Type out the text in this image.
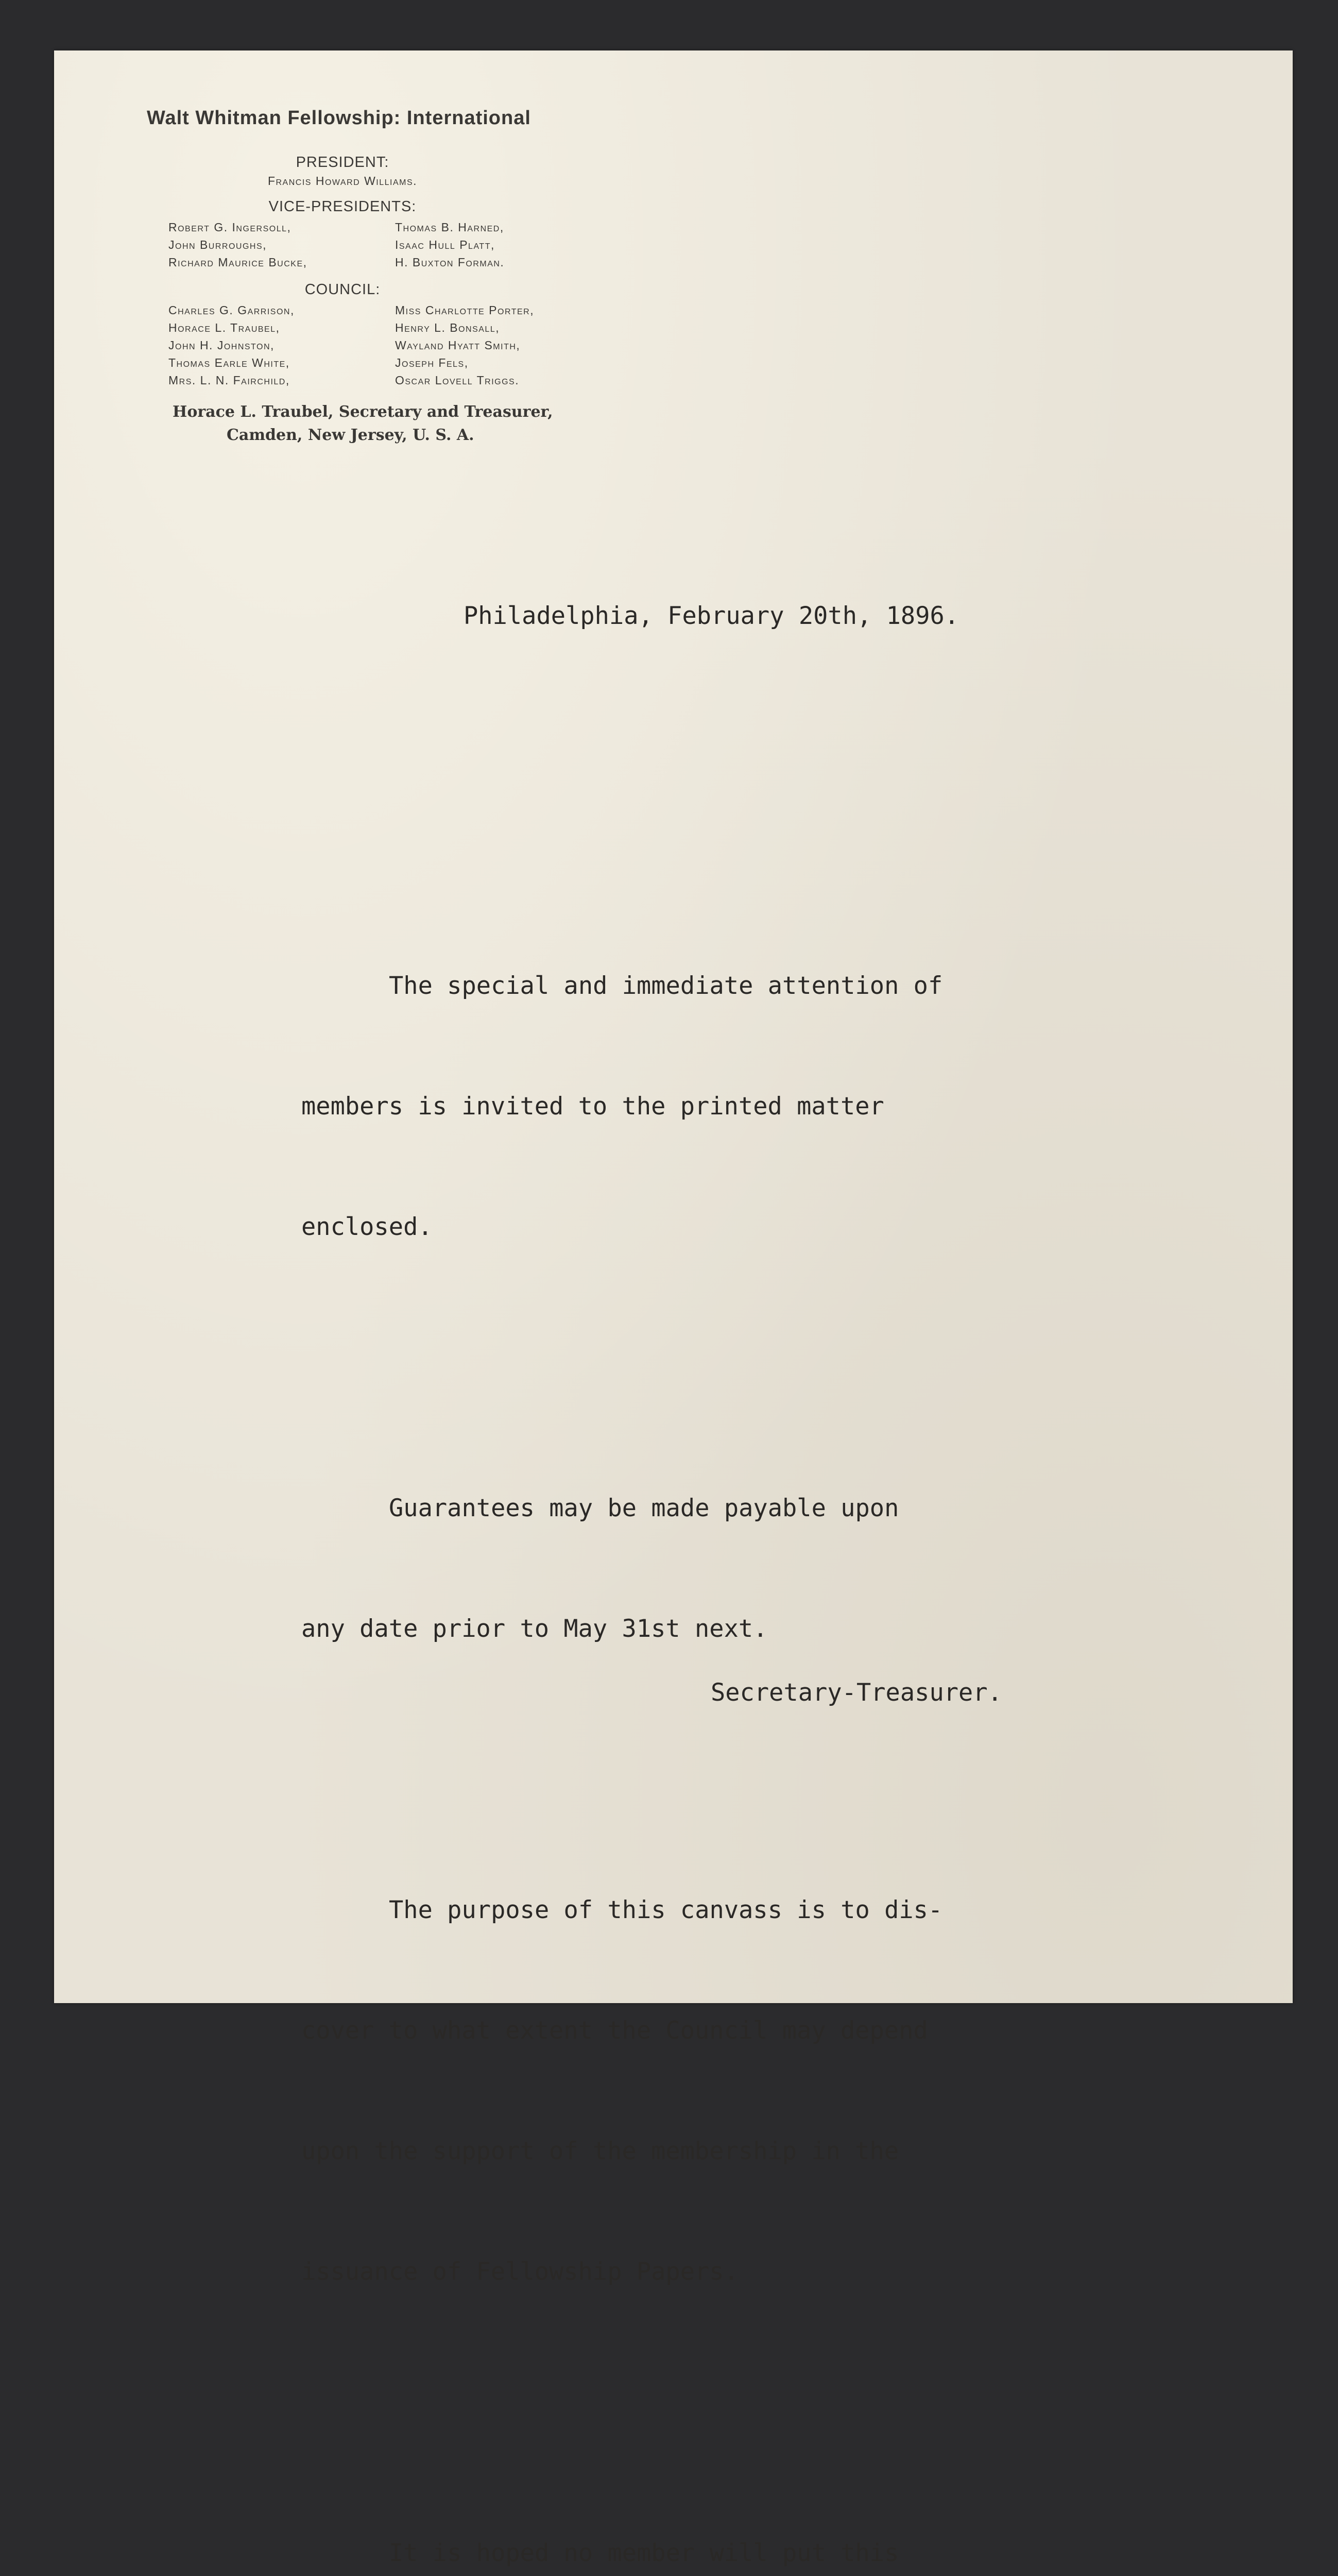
‍
Walt Whitman Fellowship: International
PRESIDENT:
Francis Howard Williams.
VICE-PRESIDENTS:
Robert G. Ingersoll,
John Burroughs,
Richard Maurice Bucke,
Thomas B. Harned,
Isaac Hull Platt,
H. Buxton Forman.
COUNCIL:
Charles G. Garrison,
Horace L. Traubel,
John H. Johnston,
Thomas Earle White,
Mrs. L. N. Fairchild,
Miss Charlotte Porter,
Henry L. Bonsall,
Wayland Hyatt Smith,
Joseph Fels,
Oscar Lovell Triggs.
Horace L. Traubel, Secretary and Treasurer,
Camden, New Jersey, U. S. A.
Philadelphia, February 20th, 1896.

The special and immediate attention of

members is invited to the printed matter

enclosed.

Guarantees may be made payable upon

any date prior to May 31st next.

The purpose of this canvass is to dis-

cover to what extent the Council may depend

upon the support of the membership in the

issuance of Fellowship Papers.

It is hoped no member will put this

Secretary-Treasurer.
